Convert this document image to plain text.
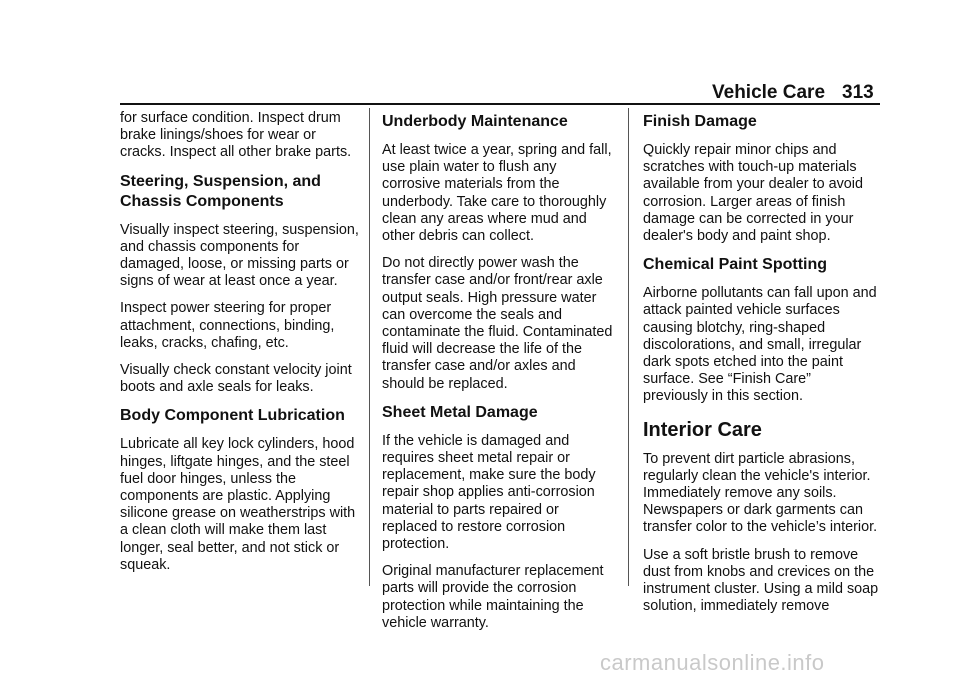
Vehicle Care 313

for surface condition. Inspect drum brake linings/shoes for wear or cracks. Inspect all other brake parts.

Steering, Suspension, and Chassis Components

Visually inspect steering, suspension, and chassis components for damaged, loose, or missing parts or signs of wear at least once a year.

Inspect power steering for proper attachment, connections, binding, leaks, cracks, chafing, etc.

Visually check constant velocity joint boots and axle seals for leaks.

Body Component Lubrication

Lubricate all key lock cylinders, hood hinges, liftgate hinges, and the steel fuel door hinges, unless the components are plastic. Applying silicone grease on weatherstrips with a clean cloth will make them last longer, seal better, and not stick or squeak.

Underbody Maintenance

At least twice a year, spring and fall, use plain water to flush any corrosive materials from the underbody. Take care to thoroughly clean any areas where mud and other debris can collect.

Do not directly power wash the transfer case and/or front/rear axle output seals. High pressure water can overcome the seals and contaminate the fluid. Contaminated fluid will decrease the life of the transfer case and/or axles and should be replaced.

Sheet Metal Damage

If the vehicle is damaged and requires sheet metal repair or replacement, make sure the body repair shop applies anti-corrosion material to parts repaired or replaced to restore corrosion protection.

Original manufacturer replacement parts will provide the corrosion protection while maintaining the vehicle warranty.

Finish Damage

Quickly repair minor chips and scratches with touch-up materials available from your dealer to avoid corrosion. Larger areas of finish damage can be corrected in your dealer's body and paint shop.

Chemical Paint Spotting

Airborne pollutants can fall upon and attack painted vehicle surfaces causing blotchy, ring-shaped discolorations, and small, irregular dark spots etched into the paint surface. See “Finish Care” previously in this section.

Interior Care

To prevent dirt particle abrasions, regularly clean the vehicle's interior. Immediately remove any soils. Newspapers or dark garments can transfer color to the vehicle’s interior.

Use a soft bristle brush to remove dust from knobs and crevices on the instrument cluster. Using a mild soap solution, immediately remove

carmanualsonline.info
